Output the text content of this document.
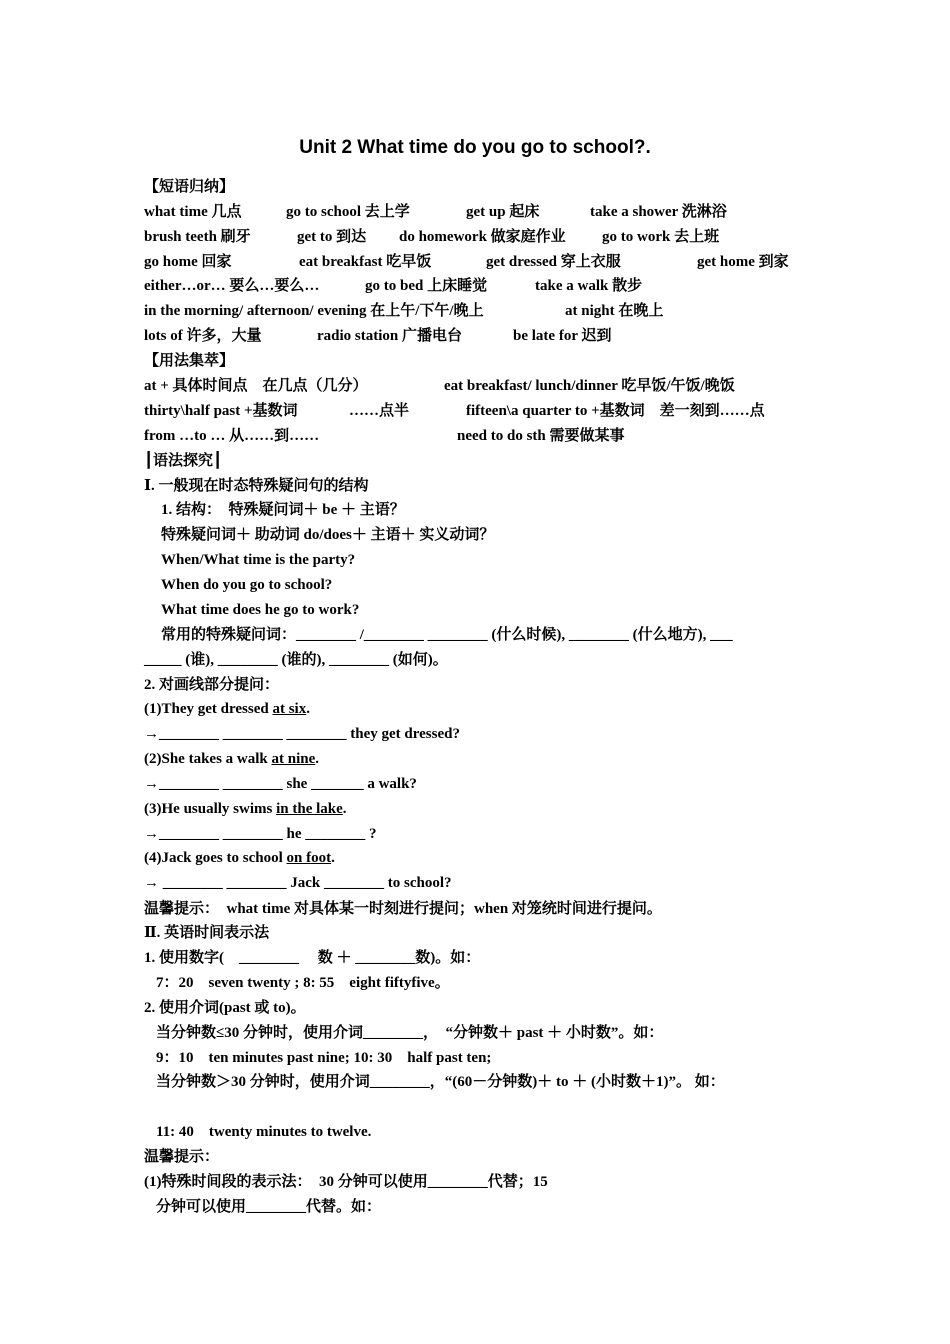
Unit 2 What time do you go to school?.
【短语归纳】
what time 几点	go to school 去上学	get up 起床	take a shower 洗淋浴
brush teeth 刷牙	get to 到达 do homework 做家庭作业 go to work 去上班
go home 回家	eat breakfast 吃早饭	get dressed 穿上衣服	get home 到家
either…or… 要么…要么…	go to bed 上床睡觉	take a walk 散步
in the morning/ afternoon/ evening 在上午/下午/晚上	at night 在晚上
lots of 许多，大量	radio station 广播电台	be late for 迟到
【用法集萃】
at + 具体时间点　在几点（几分）	eat breakfast/ lunch/dinner 吃早饭/午饭/晚饭
thirty\half past +基数词	……点半	fifteen\a quarter to +基数词　差一刻到……点
from …to … 从……到……	need to do sth 需要做某事
┃语法探究┃
Ⅰ. 一般现在时态特殊疑问句的结构
1. 结构：　特殊疑问词＋ be ＋ 主语？
特殊疑问词＋ 助动词 do/does＋ 主语＋ 实义动词？
When/What time is the party?
When do you go to school?
What time does he go to work?
常用的特殊疑问词：________ /________ ________ (什么时候), ________ (什么地方), ___
_____ (谁), ________ (谁的), ________ (如何)。
2. 对画线部分提问：
(1)They get dressed at six.
→________ ________ ________ they get dressed?
(2)She takes a walk at nine.
→________ ________ she _______ a walk?
(3)He usually swims in the lake.
→________ ________ he ________ ?
(4)Jack goes to school on foot.
→ ________ ________ Jack ________ to school?
温馨提示：　what time 对具体某一时刻进行提问；when 对笼统时间进行提问。
Ⅱ. 英语时间表示法
1. 使用数字(　________　 数 ＋ ________数)。如：
7：20　seven twenty ; 8: 55　eight fiftyfive。
2. 使用介词(past 或 to)。
当分钟数≤30 分钟时，使用介词________，　“分钟数＋ past ＋ 小时数”。如：
9：10　ten minutes past nine; 10: 30　half past ten;
当分钟数＞30 分钟时，使用介词________，“(60－分钟数)＋ to ＋ (小时数＋1)”。 如：
11: 40　twenty minutes to twelve.
温馨提示：
(1)特殊时间段的表示法：　30 分钟可以使用________代替；15
分钟可以使用________代替。如：
